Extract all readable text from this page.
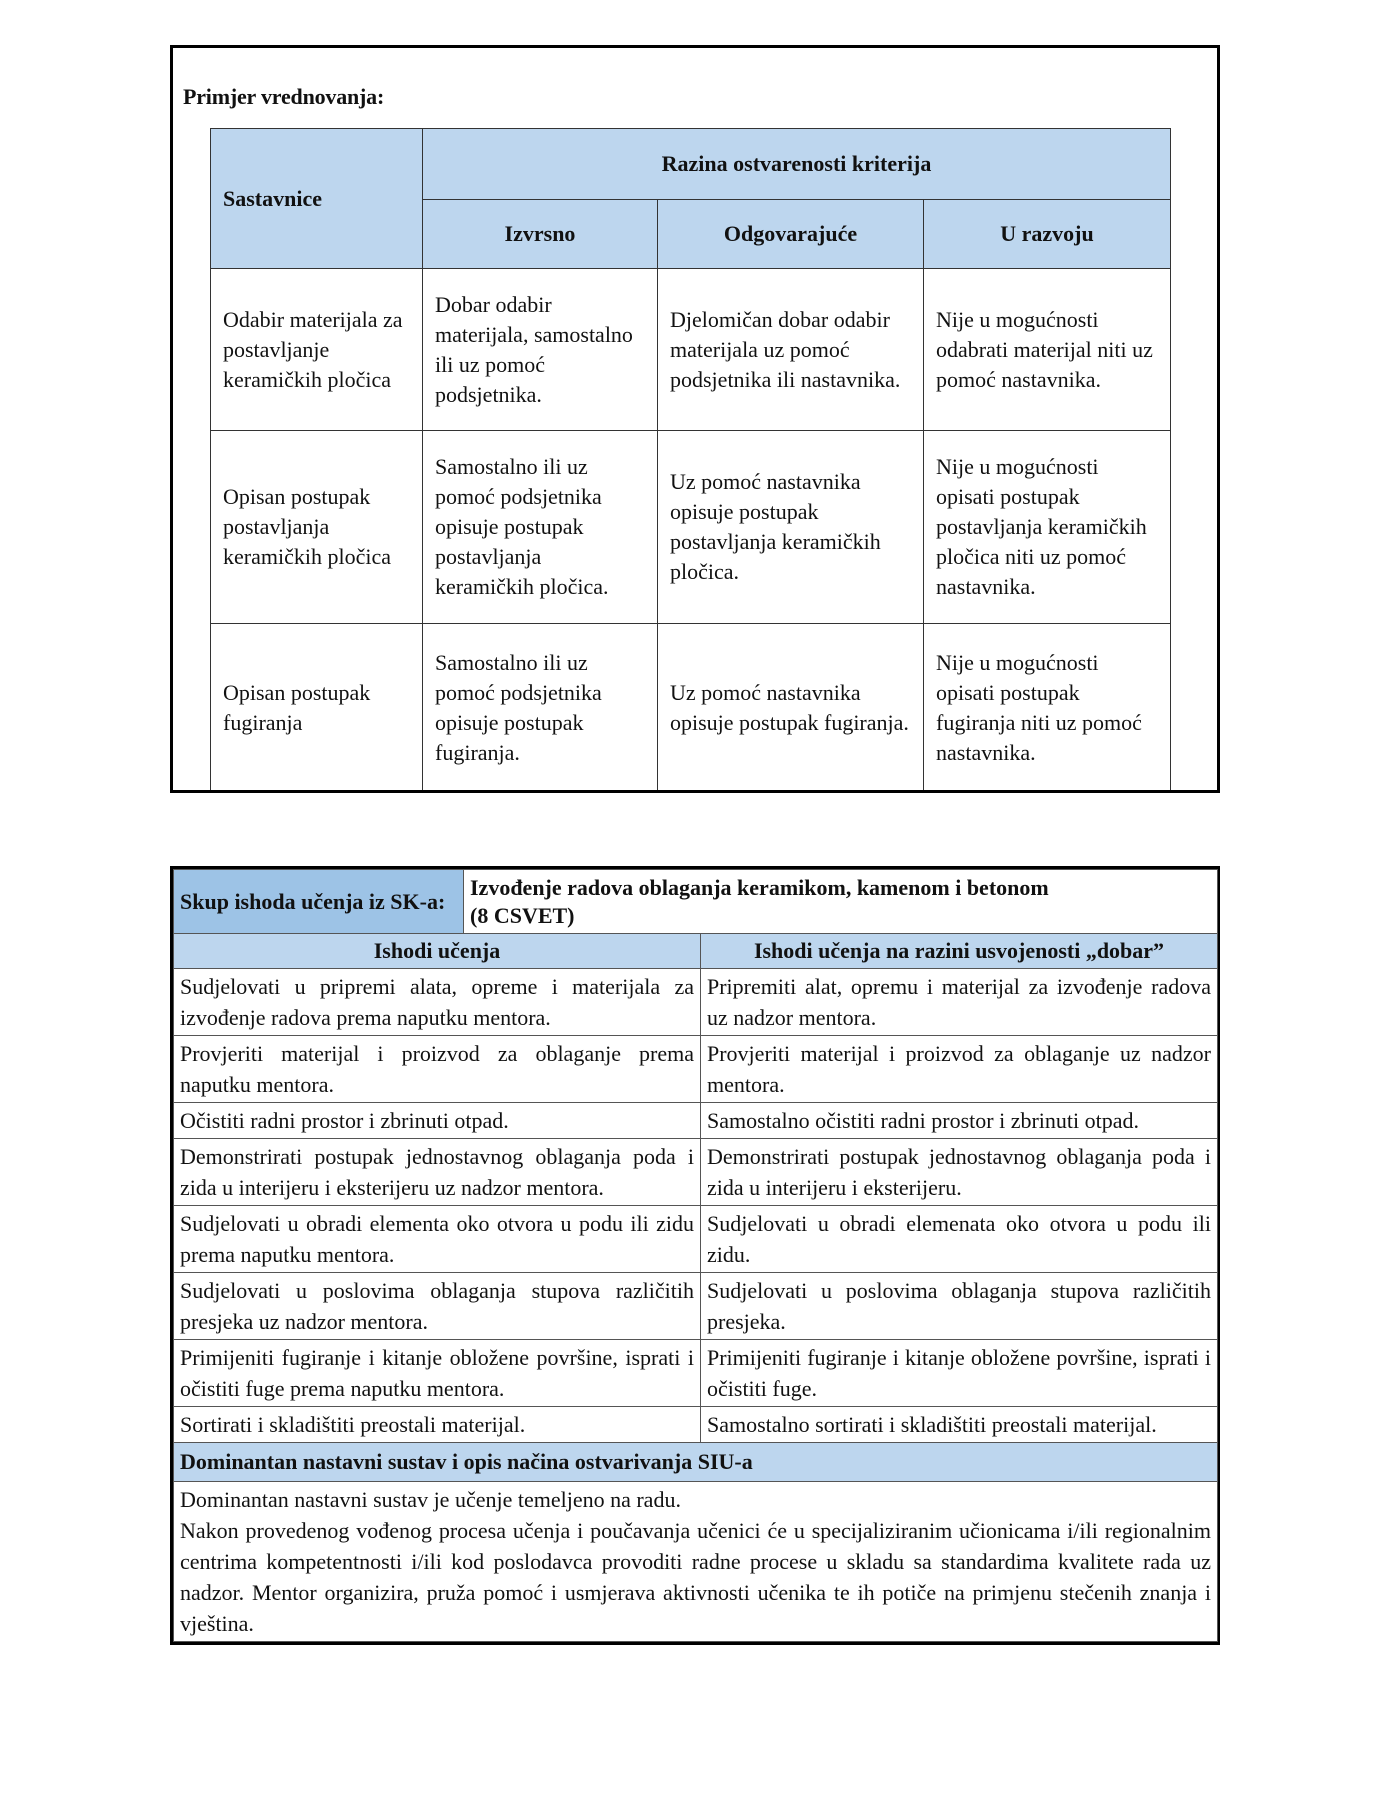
Primjer vrednovanja:
Sastavnice	Razina ostvarenosti kriterija		
	Izvrsno	Odgovarajuće	U razvoju
Odabir materijala za postavljanje keramičkih pločica	Dobar odabir materijala, samostalno ili uz pomoć podsjetnika.	Djelomičan dobar odabir materijala uz pomoć podsjetnika ili nastavnika.	Nije u mogućnosti odabrati materijal niti uz pomoć nastavnika.
Opisan postupak postavljanja keramičkih pločica	Samostalno ili uz pomoć podsjetnika opisuje postupak postavljanja keramičkih pločica.	Uz pomoć nastavnika opisuje postupak postavljanja keramičkih pločica.	Nije u mogućnosti opisati postupak postavljanja keramičkih pločica niti uz pomoć nastavnika.
Opisan postupak fugiranja	Samostalno ili uz pomoć podsjetnika opisuje postupak fugiranja.	Uz pomoć nastavnika opisuje postupak fugiranja.	Nije u mogućnosti opisati postupak fugiranja niti uz pomoć nastavnika.
Skup ishoda učenja iz SK-a:	Izvođenje radova oblaganja keramikom, kamenom i betonom
(8 CSVET)	

Ishodi učenja		Ishodi učenja na razini usvojenosti „dobar”
Sudjelovati u pripremi alata, opreme i materijala za izvođenje radova prema naputku mentora.		Pripremiti alat, opremu i materijal za izvođenje radova uz nadzor mentora.
Provjeriti materijal i proizvod za oblaganje prema naputku mentora.		Provjeriti materijal i proizvod za oblaganje uz nadzor mentora.
Očistiti radni prostor i zbrinuti otpad.		Samostalno očistiti radni prostor i zbrinuti otpad.
Demonstrirati postupak jednostavnog oblaganja poda i zida u interijeru i eksterijeru uz nadzor mentora.		Demonstrirati postupak jednostavnog oblaganja poda i zida u interijeru i eksterijeru.
Sudjelovati u obradi elementa oko otvora u podu ili zidu prema naputku mentora.		Sudjelovati u obradi elemenata oko otvora u podu ili zidu.
Sudjelovati u poslovima oblaganja stupova različitih presjeka uz nadzor mentora.		Sudjelovati u poslovima oblaganja stupova različitih presjeka.
Primijeniti fugiranje i kitanje obložene površine, isprati i očistiti fuge prema naputku mentora.		Primijeniti fugiranje i kitanje obložene površine, isprati i očistiti fuge.
Sortirati i skladištiti preostali materijal.		Samostalno sortirati i skladištiti preostali materijal.
Dominantan nastavni sustav i opis načina ostvarivanja SIU-a		

Dominantan nastavni sustav je učenje temeljeno na radu.

Nakon provedenog vođenog procesa učenja i poučavanja učenici će u specijaliziranim učionicama i/ili regionalnim centrima kompetentnosti i/ili kod poslodavca provoditi radne procese u skladu sa standardima kvalitete rada uz nadzor. Mentor organizira, pruža pomoć i usmjerava aktivnosti učenika te ih potiče na primjenu stečenih znanja i vještina.		
